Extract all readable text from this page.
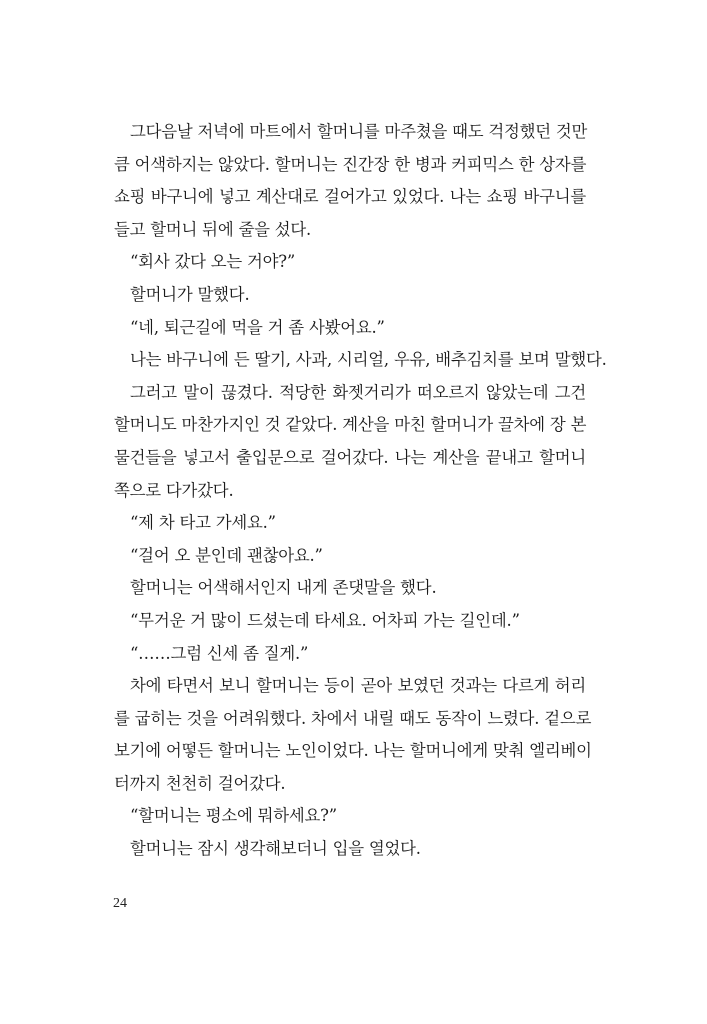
그다음날 저녁에 마트에서 할머니를 마주쳤을 때도 걱정했던 것만
큼 어색하지는 않았다. 할머니는 진간장 한 병과 커피믹스 한 상자를
쇼핑 바구니에 넣고 계산대로 걸어가고 있었다. 나는 쇼핑 바구니를
들고 할머니 뒤에 줄을 섰다.
“회사 갔다 오는 거야?”
할머니가 말했다.
“네, 퇴근길에 먹을 거 좀 사봤어요.”
나는 바구니에 든 딸기, 사과, 시리얼, 우유, 배추김치를 보며 말했다.
그러고 말이 끊겼다. 적당한 화젯거리가 떠오르지 않았는데 그건
할머니도 마찬가지인 것 같았다. 계산을 마친 할머니가 끌차에 장 본
물건들을 넣고서 출입문으로 걸어갔다. 나는 계산을 끝내고 할머니
쪽으로 다가갔다.
“제 차 타고 가세요.”
“걸어 오 분인데 괜찮아요.”
할머니는 어색해서인지 내게 존댓말을 했다.
“무거운 거 많이 드셨는데 타세요. 어차피 가는 길인데.”
“……그럼 신세 좀 질게.”
차에 타면서 보니 할머니는 등이 곧아 보였던 것과는 다르게 허리
를 굽히는 것을 어려워했다. 차에서 내릴 때도 동작이 느렸다. 겉으로
보기에 어떻든 할머니는 노인이었다. 나는 할머니에게 맞춰 엘리베이
터까지 천천히 걸어갔다.
“할머니는 평소에 뭐하세요?”
할머니는 잠시 생각해보더니 입을 열었다.
24
